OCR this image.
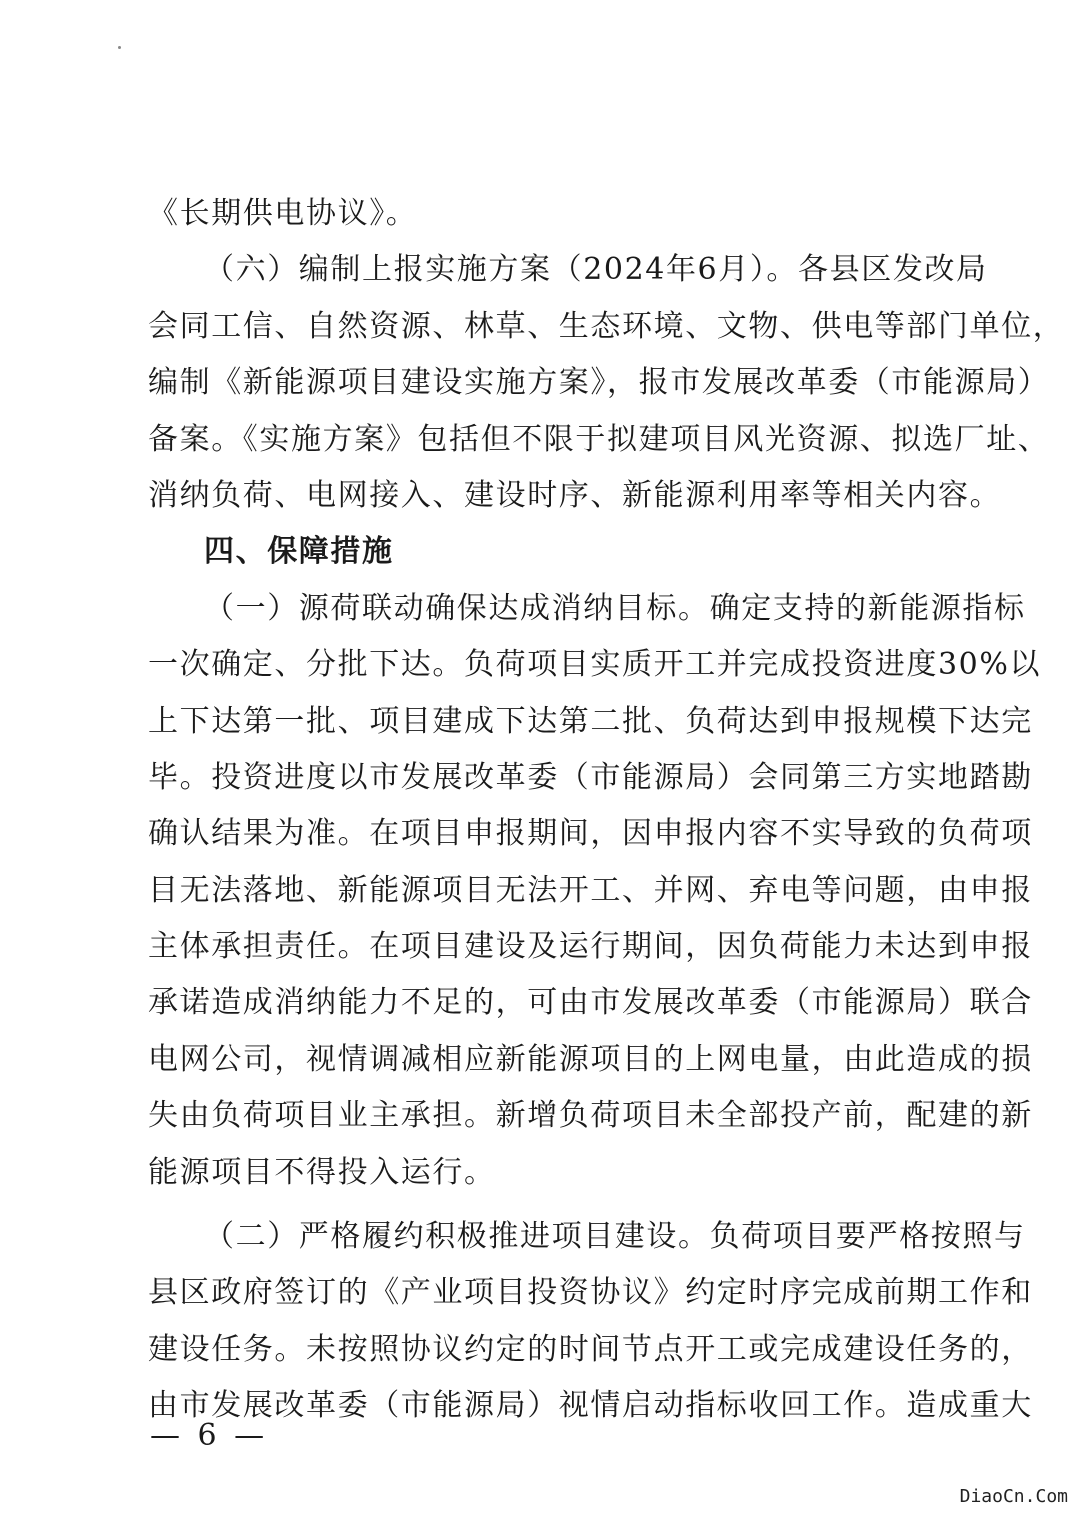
《长期供电协议》。
（六）编制上报实施方案（2024年6月）。各县区发改局
会同工信、自然资源、林草、生态环境、文物、供电等部门单位，
编制《新能源项目建设实施方案》，报市发展改革委（市能源局）
备案。《实施方案》包括但不限于拟建项目风光资源、拟选厂址、
消纳负荷、电网接入、建设时序、新能源利用率等相关内容。
四、保障措施
（一）源荷联动确保达成消纳目标。确定支持的新能源指标
一次确定、分批下达。负荷项目实质开工并完成投资进度30%以
上下达第一批、项目建成下达第二批、负荷达到申报规模下达完
毕。投资进度以市发展改革委（市能源局）会同第三方实地踏勘
确认结果为准。在项目申报期间，因申报内容不实导致的负荷项
目无法落地、新能源项目无法开工、并网、弃电等问题，由申报
主体承担责任。在项目建设及运行期间，因负荷能力未达到申报
承诺造成消纳能力不足的，可由市发展改革委（市能源局）联合
电网公司，视情调减相应新能源项目的上网电量，由此造成的损
失由负荷项目业主承担。新增负荷项目未全部投产前，配建的新
能源项目不得投入运行。
（二）严格履约积极推进项目建设。负荷项目要严格按照与
县区政府签订的《产业项目投资协议》约定时序完成前期工作和
建设任务。未按照协议约定的时间节点开工或完成建设任务的，
由市发展改革委（市能源局）视情启动指标收回工作。造成重大
— 6 —
DiaoCn.Com
